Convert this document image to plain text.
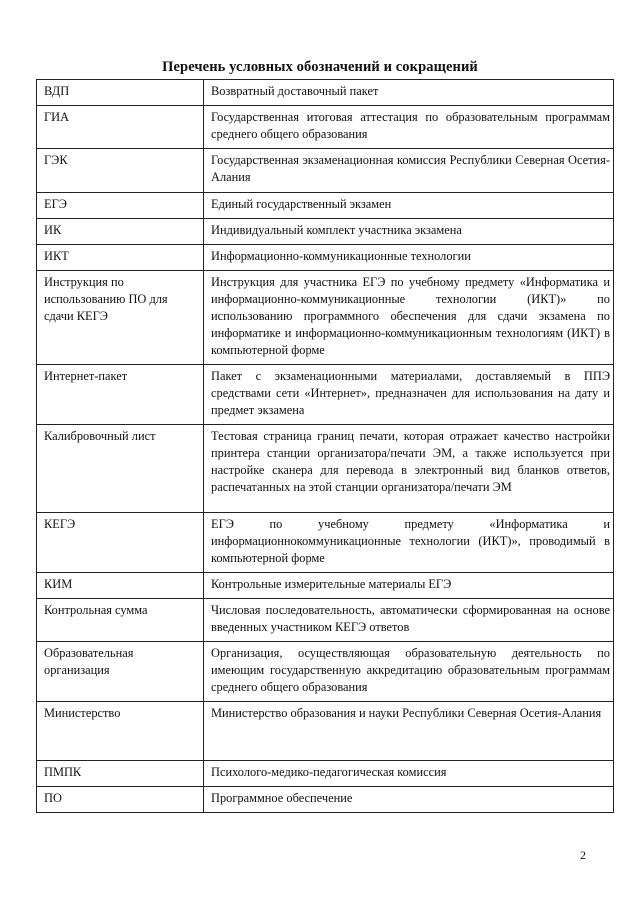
Перечень условных обозначений и сокращений
ВДП	Возвратный доставочный пакет
ГИА	Государственная итоговая аттестация по образовательным программам среднего общего образования
ГЭК	Государственная экзаменационная комиссия Республики Северная Осетия-Алания
ЕГЭ	Единый государственный экзамен
ИК	Индивидуальный комплект участника экзамена
ИКТ	Информационно-коммуникационные технологии
Инструкция по использованию ПО для сдачи КЕГЭ	Инструкция для участника ЕГЭ по учебному предмету «Информатика и информационно-коммуникационные технологии (ИКТ)» по использованию программного обеспечения для сдачи экзамена по информатике и информационно-коммуникационным технологиям (ИКТ) в компьютерной форме
Интернет-пакет	Пакет с экзаменационными материалами, доставляемый в ППЭ средствами сети «Интернет», предназначен для использования на дату и предмет экзамена
Калибровочный лист	Тестовая страница границ печати, которая отражает качество настройки принтера станции организатора/печати ЭМ, а также используется при настройке сканера для перевода в электронный вид бланков ответов, распечатанных на этой станции организатора/печати ЭМ
КЕГЭ	ЕГЭ по учебному предмету «Информатика и информационнокоммуникационные технологии (ИКТ)», проводимый в компьютерной форме
КИМ	Контрольные измерительные материалы ЕГЭ
Контрольная сумма	Числовая последовательность, автоматически сформированная на основе введенных участником КЕГЭ ответов
Образовательная организация	Организация, осуществляющая образовательную деятельность по имеющим государственную аккредитацию образовательным программам среднего общего образования
Министерство	Министерство образования и науки Республики Северная Осетия-Алания
ПМПК	Психолого-медико-педагогическая комиссия
ПО	Программное обеспечение
2
